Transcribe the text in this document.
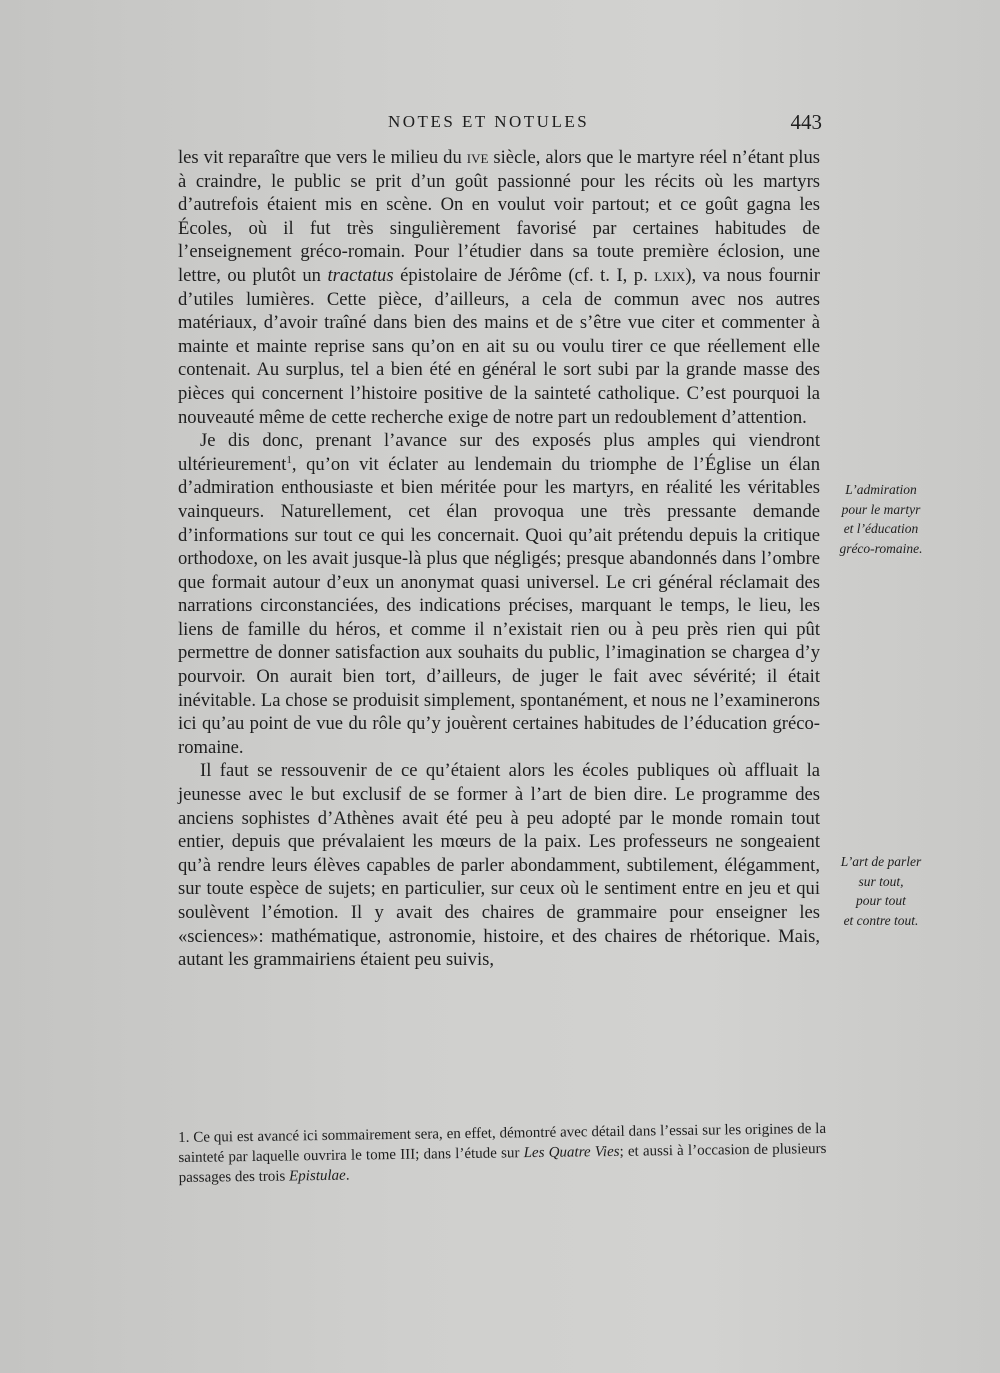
NOTES ET NOTULES	443

les vit reparaître que vers le milieu du ive siècle, alors que le martyre réel n’étant plus à craindre, le public se prit d’un goût passionné pour les récits où les martyrs d’autrefois étaient mis en scène. On en voulut voir partout; et ce goût gagna les Écoles, où il fut très singulièrement favorisé par certaines habitudes de l’enseignement gréco-romain. Pour l’étudier dans sa toute première éclosion, une lettre, ou plutôt un tractatus épistolaire de Jérôme (cf. t. I, p. lxix), va nous fournir d’utiles lumières. Cette pièce, d’ailleurs, a cela de commun avec nos autres matériaux, d’avoir traîné dans bien des mains et de s’être vue citer et commenter à mainte et mainte reprise sans qu’on en ait su ou voulu tirer ce que réellement elle contenait. Au surplus, tel a bien été en général le sort subi par la grande masse des pièces qui concernent l’histoire positive de la sainteté catholique. C’est pourquoi la nouveauté même de cette recherche exige de notre part un redoublement d’attention.

Je dis donc, prenant l’avance sur des exposés plus amples qui viendront ultérieurement$^1$, qu’on vit éclater au lendemain du triomphe de l’Église un élan d’admiration enthousiaste et bien méritée pour les martyrs, en réalité les véritables vainqueurs. Naturellement, cet élan provoqua une très pressante demande d’informations sur tout ce qui les concernait. Quoi qu’ait prétendu depuis la critique orthodoxe, on les avait jusque-là plus que négligés; presque abandonnés dans l’ombre que formait autour d’eux un anonymat quasi universel. Le cri général réclamait des narrations circonstanciées, des indications précises, marquant le temps, le lieu, les liens de famille du héros, et comme il n’existait rien ou à peu près rien qui pût permettre de donner satisfaction aux souhaits du public, l’imagination se chargea d’y pourvoir. On aurait bien tort, d’ailleurs, de juger le fait avec sévérité; il était inévitable. La chose se produisit simplement, spontanément, et nous ne l’examinerons ici qu’au point de vue du rôle qu’y jouèrent certaines habitudes de l’éducation gréco-romaine.

Il faut se ressouvenir de ce qu’étaient alors les écoles publiques où affluait la jeunesse avec le but exclusif de se former à l’art de bien dire. Le programme des anciens sophistes d’Athènes avait été peu à peu adopté par le monde romain tout entier, depuis que prévalaient les mœurs de la paix. Les professeurs ne songeaient qu’à rendre leurs élèves capables de parler abondamment, subtilement, élégamment, sur toute espèce de sujets; en particulier, sur ceux où le sentiment entre en jeu et qui soulèvent l’émotion. Il y avait des chaires de grammaire pour enseigner les «sciences»: mathématique, astronomie, histoire, et des chaires de rhétorique. Mais, autant les grammairiens étaient peu suivis,

L’admiration
pour le martyr
et l’éducation
gréco-romaine.
L’art de parler
sur tout,
pour tout
et contre tout.
1. Ce qui est avancé ici sommairement sera, en effet, démontré avec détail dans l’essai sur les origines de la sainteté par laquelle ouvrira le tome III; dans l’étude sur Les Quatre Vies; et aussi à l’occasion de plusieurs passages des trois Epistulae.
